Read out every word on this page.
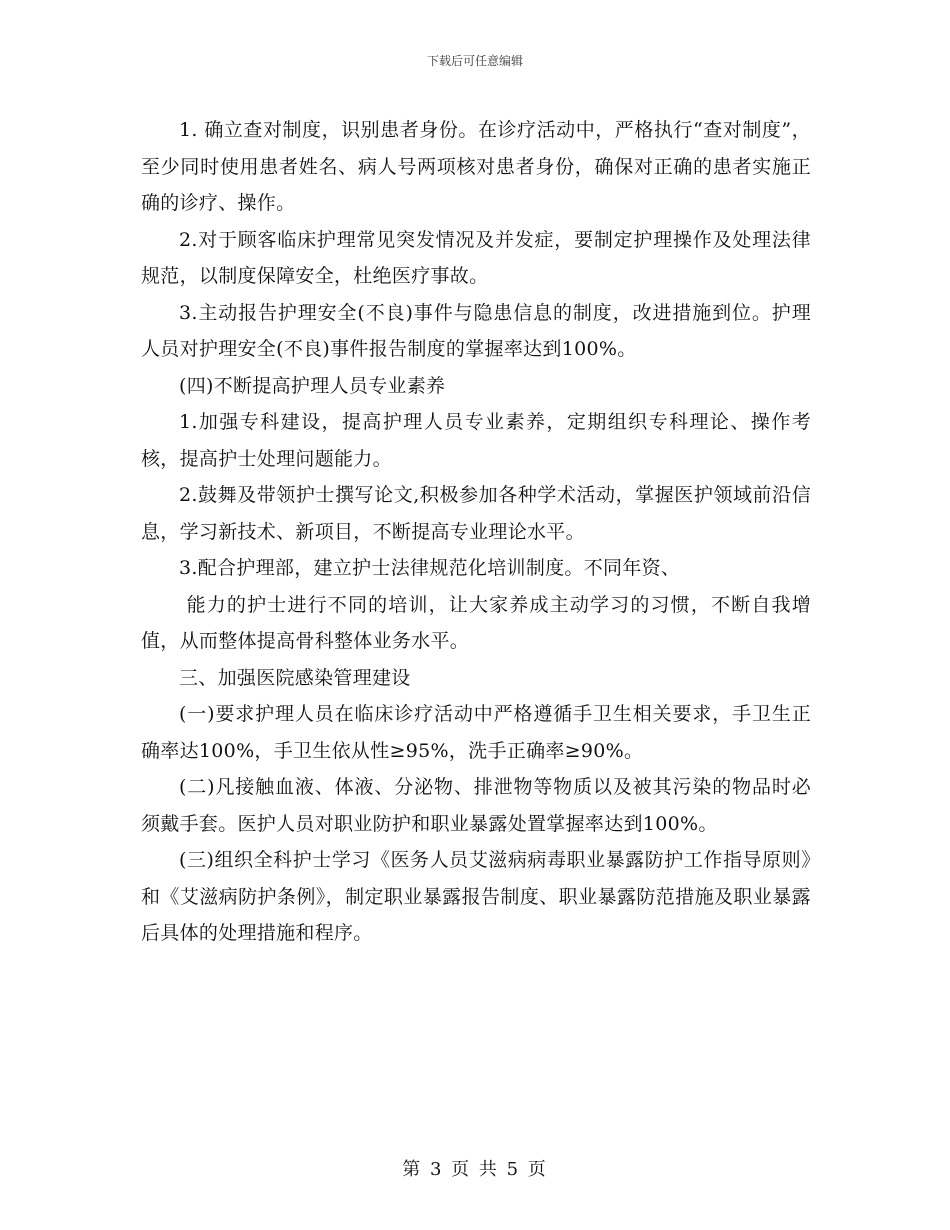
下载后可任意编辑

1. 确立查对制度，识别患者身份。在诊疗活动中，严格执行“查对制度”，至少同时使用患者姓名、病人号两项核对患者身份，确保对正确的患者实施正确的诊疗、操作。

2.对于顾客临床护理常见突发情况及并发症，要制定护理操作及处理法律规范，以制度保障安全，杜绝医疗事故。

3.主动报告护理安全(不良)事件与隐患信息的制度，改进措施到位。护理人员对护理安全(不良)事件报告制度的掌握率达到100%。

(四)不断提高护理人员专业素养

1.加强专科建设，提高护理人员专业素养，定期组织专科理论、操作考核，提高护士处理问题能力。

2.鼓舞及带领护士撰写论文,积极参加各种学术活动，掌握医护领域前沿信息，学习新技术、新项目，不断提高专业理论水平。

3.配合护理部，建立护士法律规范化培训制度。不同年资、

能力的护士进行不同的培训，让大家养成主动学习的习惯，不断自我增值，从而整体提高骨科整体业务水平。

三、加强医院感染管理建设

(一)要求护理人员在临床诊疗活动中严格遵循手卫生相关要求，手卫生正确率达100%，手卫生依从性≥95%，洗手正确率≥90%。

(二)凡接触血液、体液、分泌物、排泄物等物质以及被其污染的物品时必须戴手套。医护人员对职业防护和职业暴露处置掌握率达到100%。

(三)组织全科护士学习《医务人员艾滋病病毒职业暴露防护工作指导原则》和《艾滋病防护条例》，制定职业暴露报告制度、职业暴露防范措施及职业暴露后具体的处理措施和程序。

第 3 页 共 5 页
